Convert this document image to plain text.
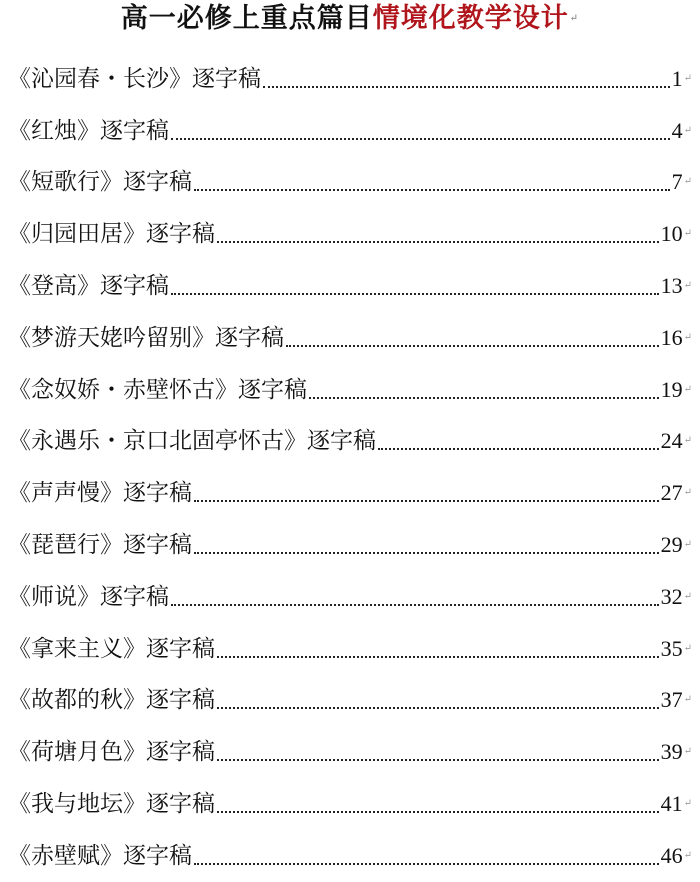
高一必修上重点篇目情境化教学设计↵
《沁园春・长沙》逐字稿	1 ↵
《红烛》逐字稿	4 ↵
《短歌行》逐字稿	7 ↵
《归园田居》逐字稿	10 ↵
《登高》逐字稿	13 ↵
《梦游天姥吟留别》逐字稿	16 ↵
《念奴娇・赤壁怀古》逐字稿	19 ↵
《永遇乐・京口北固亭怀古》逐字稿	24 ↵
《声声慢》逐字稿	27 ↵
《琵琶行》逐字稿	29 ↵
《师说》逐字稿	32 ↵
《拿来主义》逐字稿	35 ↵
《故都的秋》逐字稿	37 ↵
《荷塘月色》逐字稿	39 ↵
《我与地坛》逐字稿	41 ↵
《赤壁赋》逐字稿	46 ↵
